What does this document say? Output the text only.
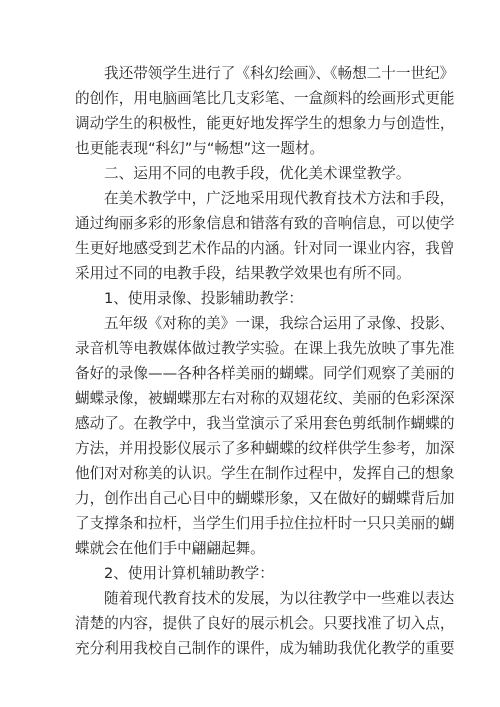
我还带领学生进行了《科幻绘画》、《畅想二十一世纪》
的创作，用电脑画笔比几支彩笔、一盒颜料的绘画形式更能
调动学生的积极性，能更好地发挥学生的想象力与创造性，
也更能表现“科幻”与“畅想”这一题材。
二、运用不同的电教手段，优化美术课堂教学。
在美术教学中，广泛地采用现代教育技术方法和手段，
通过绚丽多彩的形象信息和错落有致的音响信息，可以使学
生更好地感受到艺术作品的内涵。针对同一课业内容，我曾
采用过不同的电教手段，结果教学效果也有所不同。
1、使用录像、投影辅助教学：
五年级《对称的美》一课，我综合运用了录像、投影、
录音机等电教媒体做过教学实验。在课上我先放映了事先准
备好的录像——各种各样美丽的蝴蝶。同学们观察了美丽的
蝴蝶录像，被蝴蝶那左右对称的双翅花纹、美丽的色彩深深
感动了。在教学中，我当堂演示了采用套色剪纸制作蝴蝶的
方法，并用投影仪展示了多种蝴蝶的纹样供学生参考，加深
他们对对称美的认识。学生在制作过程中，发挥自己的想象
力，创作出自己心目中的蝴蝶形象，又在做好的蝴蝶背后加
了支撑条和拉杆，当学生们用手拉住拉杆时一只只美丽的蝴
蝶就会在他们手中翩翩起舞。
2、使用计算机辅助教学：
随着现代教育技术的发展，为以往教学中一些难以表达
清楚的内容，提供了良好的展示机会。只要找准了切入点，
充分利用我校自己制作的课件，成为辅助我优化教学的重要
